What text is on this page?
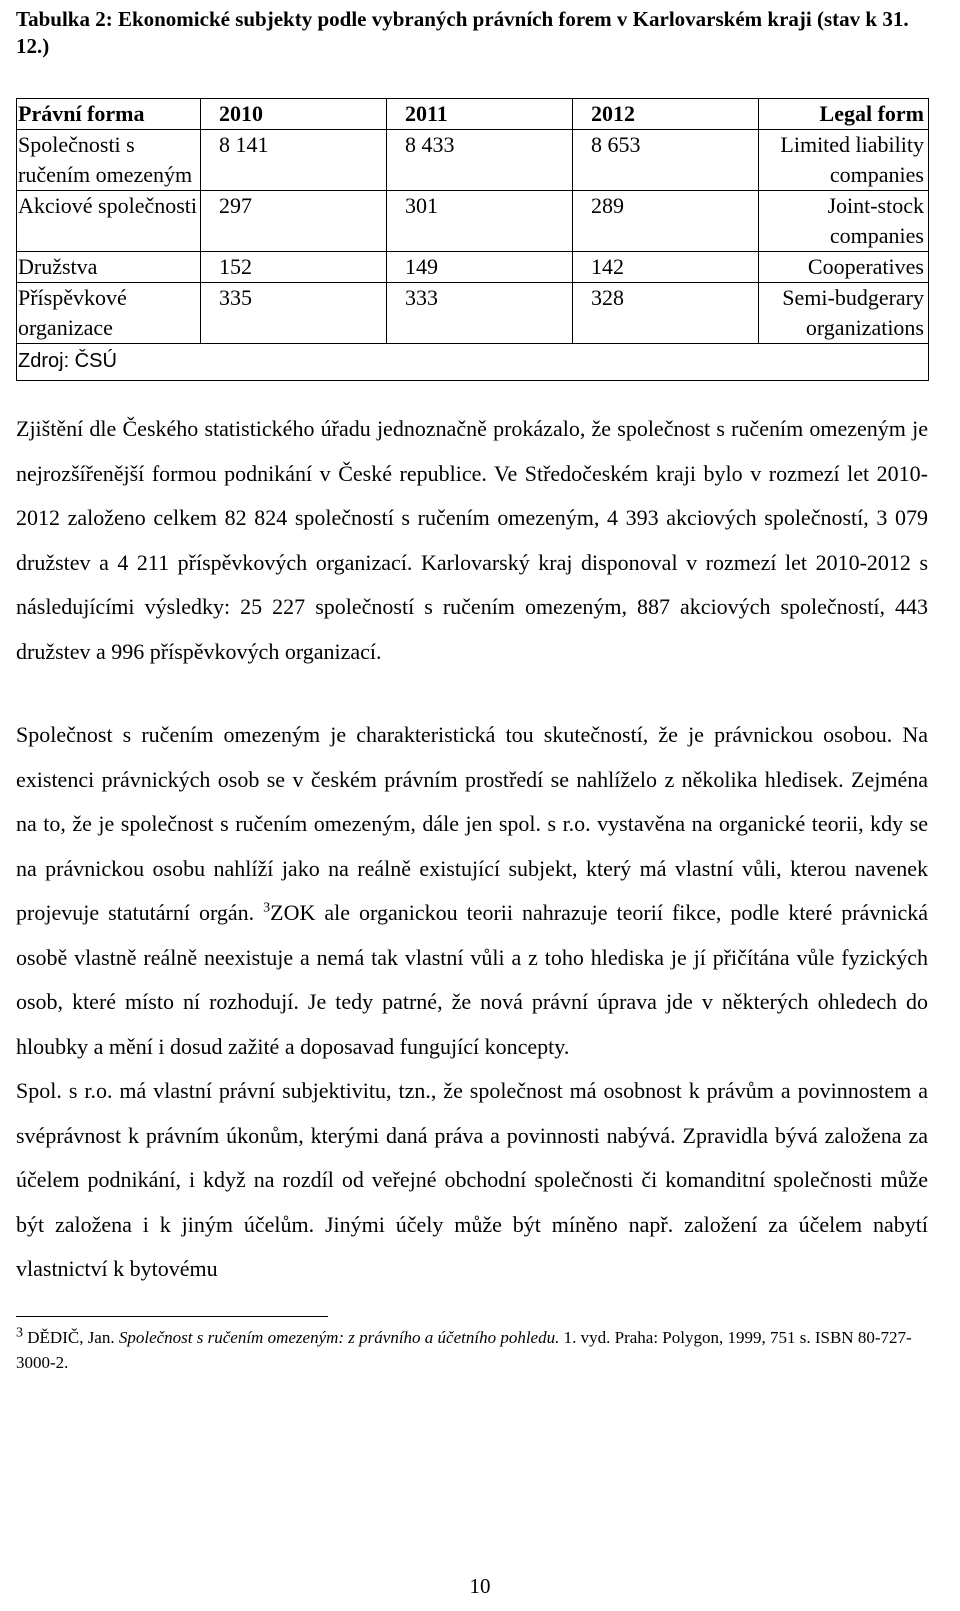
Tabulka 2: Ekonomické subjekty podle vybraných právních forem v Karlovarském kraji (stav k 31. 12.)
Právní forma	2010	2011	2012	Legal form
Společnosti s ručením omezeným	8 141	8 433	8 653	Limited liability companies
Akciové společnosti	297	301	289	Joint-stock companies
Družstva	152	149	142	Cooperatives
Příspěvkové organizace	335	333	328	Semi-budgerary organizations
Zdroj: ČSÚ				

Zjištění dle Českého statistického úřadu jednoznačně prokázalo, že společnost s ručením omezeným je nejrozšířenější formou podnikání v České republice. Ve Středočeském kraji bylo v rozmezí let 2010-2012 založeno celkem 82 824 společností s ručením omezeným, 4 393 akciových společností, 3 079 družstev a 4 211 příspěvkových organizací. Karlovarský kraj disponoval v rozmezí let 2010-2012 s následujícími výsledky: 25 227 společností s ručením omezeným, 887 akciových společností, 443 družstev a 996 příspěvkových organizací.

Společnost s ručením omezeným je charakteristická tou skutečností, že je právnickou osobou. Na existenci právnických osob se v českém právním prostředí se nahlíželo z několika hledisek. Zejména na to, že je společnost s ručením omezeným, dále jen spol. s r.o. vystavěna na organické teorii, kdy se na právnickou osobu nahlíží jako na reálně existující subjekt, který má vlastní vůli, kterou navenek projevuje statutární orgán. $^3$ZOK ale organickou teorii nahrazuje teorií fikce, podle které právnická osobě vlastně reálně neexistuje a nemá tak vlastní vůli a z toho hlediska je jí přičítána vůle fyzických osob, které místo ní rozhodují. Je tedy patrné, že nová právní úprava jde v některých ohledech do hloubky a mění i dosud zažité a doposavad fungující koncepty.

Spol. s r.o. má vlastní právní subjektivitu, tzn., že společnost má osobnost k právům a povinnostem a svéprávnost k právním úkonům, kterými daná práva a povinnosti nabývá. Zpravidla bývá založena za účelem podnikání, i když na rozdíl od veřejné obchodní společnosti či komanditní společnosti může být založena i k jiným účelům. Jinými účely může být míněno např. založení za účelem nabytí vlastnictví k bytovému

$^3$ DĚDIČ, Jan. Společnost s ručením omezeným: z právního a účetního pohledu. 1. vyd. Praha: Polygon, 1999, 751 s. ISBN 80-727-3000-2.
10
